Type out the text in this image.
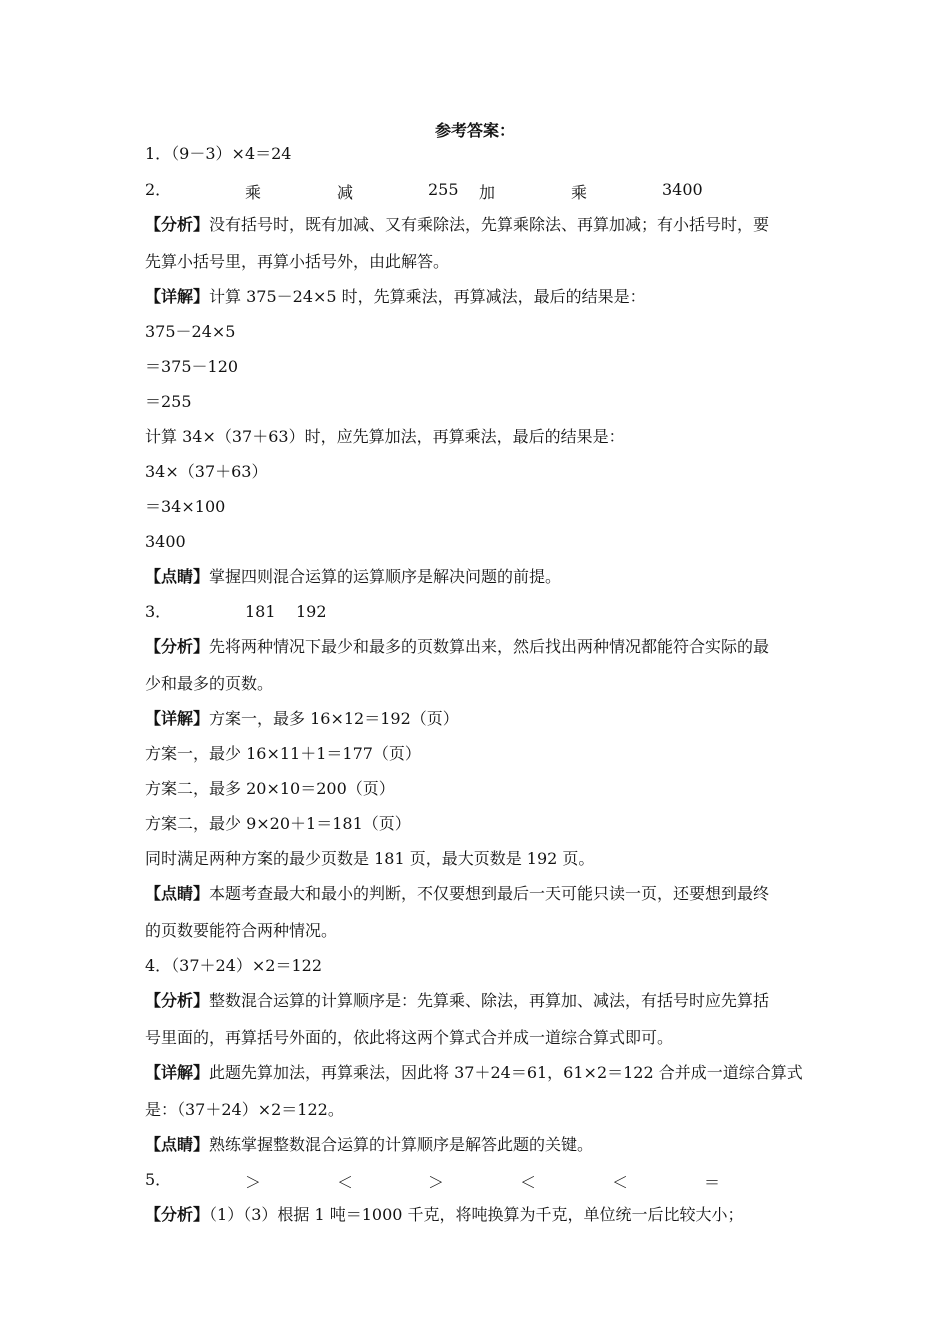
参考答案：
1．（9－3）×4＝24
2．	乘	减	255 加	乘	3400
【分析】没有括号时，既有加减、又有乘除法，先算乘除法、再算加减；有小括号时，要
先算小括号里，再算小括号外，由此解答。
【详解】计算 375－24×5 时，先算乘法，再算减法，最后的结果是：
375－24×5
＝375－120
＝255
计算 34×（37＋63）时，应先算加法，再算乘法，最后的结果是：
34×（37＋63）
＝34×100
3400
【点睛】掌握四则混合运算的运算顺序是解决问题的前提。
3．	181 192
【分析】先将两种情况下最少和最多的页数算出来，然后找出两种情况都能符合实际的最
少和最多的页数。
【详解】方案一，最多 16×12＝192（页）
方案一，最少 16×11＋1＝177（页）
方案二，最多 20×10＝200（页）
方案二，最少 9×20＋1＝181（页）
同时满足两种方案的最少页数是 181 页，最大页数是 192 页。
【点睛】本题考查最大和最小的判断，不仅要想到最后一天可能只读一页，还要想到最终
的页数要能符合两种情况。
4．（37＋24）×2＝122
【分析】整数混合运算的计算顺序是：先算乘、除法，再算加、减法，有括号时应先算括
号里面的，再算括号外面的，依此将这两个算式合并成一道综合算式即可。
【详解】此题先算加法，再算乘法，因此将 37＋24＝61，61×2＝122 合并成一道综合算式
是：（37＋24）×2＝122。
【点睛】熟练掌握整数混合运算的计算顺序是解答此题的关键。
5．	＞	＜	＞	＜	＜	＝
【分析】（1）（3）根据 1 吨＝1000 千克，将吨换算为千克，单位统一后比较大小；
